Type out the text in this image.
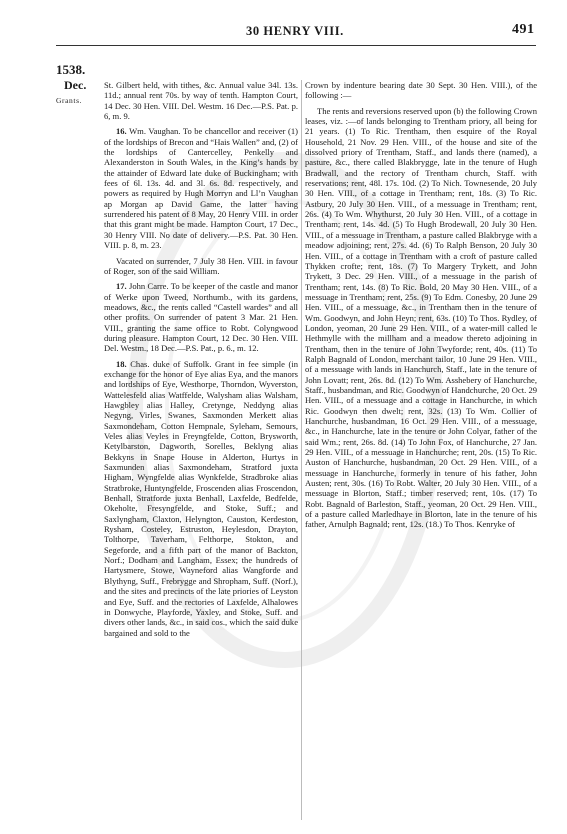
30 HENRY VIII.	491
1538.
Dec.
Grants.

St. Gilbert held, with tithes, &c. Annual value 34l. 13s. 11d.; annual rent 70s. by way of tenth. Hampton Court, 14 Dec. 30 Hen. VIII. Del. Westm. 16 Dec.—P.S. Pat. p. 6, m. 9.

16. Wm. Vaughan. To be chancellor and receiver (1) of the lordships of Brecon and “Hais Wallen” and, (2) of the lordships of Cantercelley, Penkelly and Alexanderston in South Wales, in the King’s hands by the attainder of Edward late duke of Buckingham; with fees of 6l. 13s. 4d. and 3l. 6s. 8d. respectively, and powers as required by Hugh Morryn and Ll’n Vaughan ap Morgan ap David Game, the latter having surrendered his patent of 8 May, 20 Henry VIII. in order that this grant might be made. Hampton Court, 17 Dec., 30 Henry VIII. No date of delivery.—P.S. Pat. 30 Hen. VIII. p. 8, m. 23.

Vacated on surrender, 7 July 38 Hen. VIII. in favour of Roger, son of the said William.

17. John Carre. To be keeper of the castle and manor of Werke upon Tweed, Northumb., with its gardens, meadows, &c., the rents called “Castell wardes” and all other profits. On surrender of patent 3 Mar. 21 Hen. VIII., granting the same office to Robt. Colyngwood during pleasure. Hampton Court, 12 Dec. 30 Hen. VIII. Del. Westm., 18 Dec.—P.S. Pat., p. 6., m. 12.

18. Chas. duke of Suffolk. Grant in fee simple (in exchange for the honor of Eye alias Eya, and the manors and lordships of Eye, Westhorpe, Thorndon, Wyverston, Wattelesfeld alias Watffelde, Walysham alias Walsham, Hawgbley alias Halley, Cretynge, Neddyng alias Negyng, Virles, Swanes, Saxmonden Merkett alias Saxmondeham, Cotton Hempnale, Syleham, Semours, Veles alias Veyles in Freyngfelde, Cotton, Brysworth, Ketylbarston, Dagworth, Sorelles, Beklyng alias Bekkyns in Snape House in Alderton, Hurtys in Saxmunden alias Saxmondeham, Stratford juxta Higham, Wyngfelde alias Wynkfelde, Stradbroke alias Stratbroke, Huntyngfelde, Froscenden alias Froscendon, Benhall, Stratforde juxta Benhall, Laxfelde, Bedfelde, Okeholte, Fresyngfelde, and Stoke, Suff.; and Saxlyngham, Claxton, Helyngton, Causton, Kerdeston, Rysham, Costeley, Estruston, Heylesdon, Drayton, Tolthorpe, Taverham, Felthorpe, Stokton, and Segeforde, and a fifth part of the manor of Backton, Norf.; Dodham and Langham, Essex; the hundreds of Hartysmere, Stowe, Wayneford alias Wangforde and Blythyng, Suff., Frebrygge and Shropham, Suff. (Norf.), and the sites and precincts of the late priories of Leyston and Eye, Suff. and the rectories of Laxfelde, Alhalowes in Donwyche, Playforde, Yaxley, and Stoke, Suff. and divers other lands, &c., in said cos., which the said duke bargained and sold to the

Crown by indenture bearing date 30 Sept. 30 Hen. VIII.), of the following :—

The rents and reversions reserved upon (b) the following Crown leases, viz. :—of lands belonging to Trentham priory, all being for 21 years. (1) To Ric. Trentham, then esquire of the Royal Household, 21 Nov. 29 Hen. VIII., of the house and site of the dissolved priory of Trentham, Staff., and lands there (named), a pasture, &c., there called Blakbrygge, late in the tenure of Hugh Bradwall, and the rectory of Trentham church, Staff. with reservations; rent, 48l. 17s. 10d. (2) To Nich. Townesende, 20 July 30 Hen. VIII., of a cottage in Trentham; rent, 18s. (3) To Ric. Astbury, 20 July 30 Hen. VIII., of a messuage in Trentham; rent, 26s. (4) To Wm. Whythurst, 20 July 30 Hen. VIII., of a cottage in Trentham; rent, 14s. 4d. (5) To Hugh Brodewall, 20 July 30 Hen. VIII., of a messuage in Trentham, a pasture called Blakbryge with a meadow adjoining; rent, 27s. 4d. (6) To Ralph Benson, 20 July 30 Hen. VIII., of a cottage in Trentham with a croft of pasture called Thykken crofte; rent, 18s. (7) To Margery Trykett, and John Trykett, 3 Dec. 29 Hen. VIII., of a messuage in the parish of Trentham; rent, 14s. (8) To Ric. Bold, 20 May 30 Hen. VIII., of a messuage in Trentham; rent, 25s. (9) To Edm. Conesby, 20 June 29 Hen. VIII., of a messuage, &c., in Trentham then in the tenure of Wm. Goodwyn, and John Heyn; rent, 63s. (10) To Thos. Rydley, of London, yeoman, 20 June 29 Hen. VIII., of a water-mill called le Hethmylle with the millham and a meadow thereto adjoining in Trentham, then in the tenure of John Twyforde; rent, 40s. (11) To Ralph Bagnald of London, merchant tailor, 10 June 29 Hen. VIII., of a messuage with lands in Hanchurch, Staff., late in the tenure of John Lovatt; rent, 26s. 8d. (12) To Wm. Asshebery of Hanchurche, Staff., husbandman, and Ric. Goodwyn of Handchurche, 20 Oct. 29 Hen. VIII., of a messuage and a cottage in Hanchurche, in which Ric. Goodwyn then dwelt; rent, 32s. (13) To Wm. Collier of Hanchurche, husbandman, 16 Oct. 29 Hen. VIII., of a messuage, &c., in Hanchurche, late in the tenure or John Colyar, father of the said Wm.; rent, 26s. 8d. (14) To John Fox, of Hanchurche, 27 Jan. 29 Hen. VIII., of a messuage in Hanchurche; rent, 20s. (15) To Ric. Auston of Hanchurche, husbandman, 20 Oct. 29 Hen. VIII., of a messuage in Hanchurche, formerly in tenure of his father, John Austen; rent, 30s. (16) To Robt. Walter, 20 July 30 Hen. VIII., of a messuage in Blorton, Staff.; timber reserved; rent, 10s. (17) To Robt. Bagnald of Barleston, Staff., yeoman, 20 Oct. 29 Hen. VIII., of a pasture called Marledhaye in Blorton, late in the tenure of his father, Arnulph Bagnald; rent, 12s. (18.) To Thos. Kenryke of
